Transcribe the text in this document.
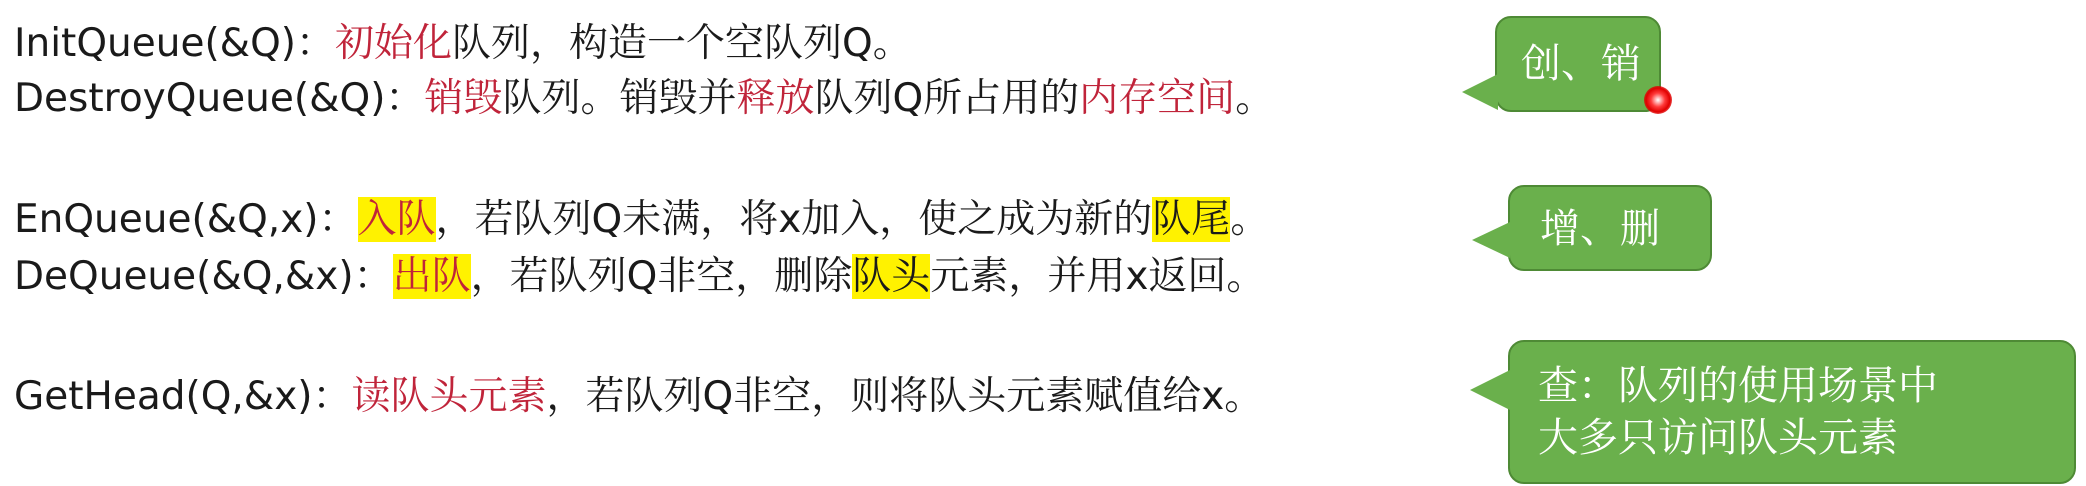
InitQueue(&Q)：初始化队列，构造一个空队列Q。
DestroyQueue(&Q)：销毁队列。销毁并释放队列Q所占用的内存空间。
EnQueue(&Q,x)：入队，若队列Q未满，将x加入，使之成为新的队尾。
DeQueue(&Q,&x)：出队，若队列Q非空，删除队头元素，并用x返回。
GetHead(Q,&x)：读队头元素，若队列Q非空，则将队头元素赋值给x。
创、销
增、删
查：队列的使用场景中
大多只访问队头元素
